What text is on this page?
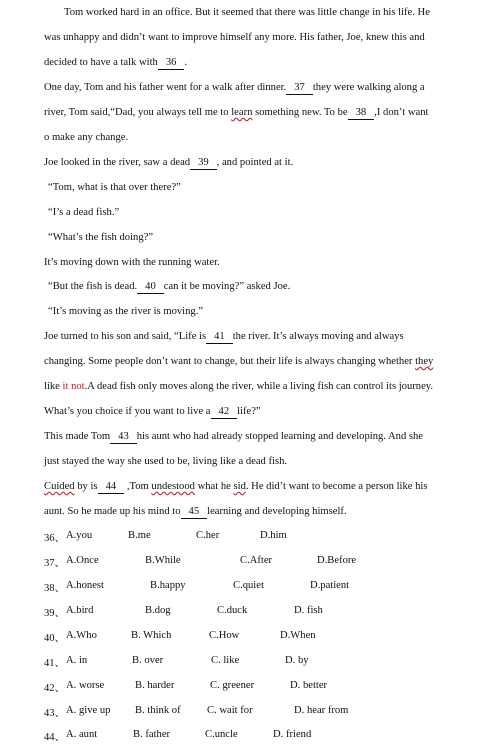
Tom worked hard in an office. But it seemed that there was little change in his life. He
was unhappy and didn’t want to improve himself any more. His father, Joe, knew this and
decided to have a talk with 36 .
One day, Tom and his father went for a walk after dinner. 37 they were walking along a
river, Tom said,“Dad, you always tell me to learn something new. To be 38 ,I don’t want
o make any change.
Joe looked in the river, saw a dead 39 , and pointed at it.
“Tom, what is that over there?”
“I’s a dead fish.”
“What’s the fish doing?”
It’s moving down with the running water.
“But the fish is dead. 40 can it be moving?” asked Joe.
“It’s moving as the river is moving.”
Joe turned to his son and said, “Life is 41 the river. It’s always moving and always
changing. Some people don’t want to change, but their life is always changing whether they
like it not.A dead fish only moves along the river, while a living fish can control its journey.
What’s you choice if you want to live a 42 life?”
This made Tom 43 his aunt who had already stopped learning and developing. And she
just stayed the way she used to be, living like a dead fish.
Cuided by is 44 ,Tom undestood what he sid. He did’t want to become a person like his
aunt. So he made up his mind to 45 learning and developing himself.
36、 A.you	B.me	C.her	D.him
37、 A.Once	B.While	C.After	D.Before
38、 A.honest	B.happy	C.quiet	D.patient
39、 A.bird	B.dog	C.duck	D. fish
40、 A.Who	B. Which	C.How	D.When
41、 A. in	B. over	C. like	D. by
42、 A. worse	B. harder	C. greener	D. better
43、 A. give up B. think of C. wait for	D. hear from
44、 A. aunt	B. father	C.uncle	D. friend
